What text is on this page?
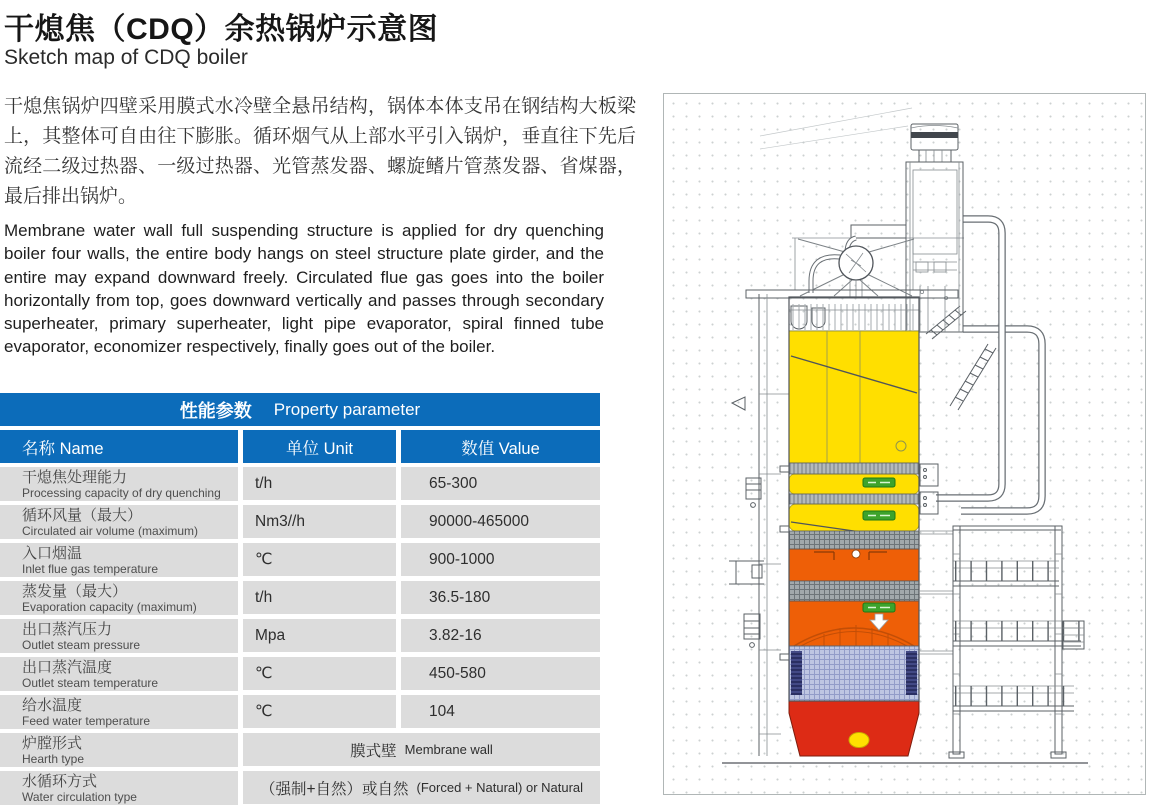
干熄焦（CDQ）余热锅炉示意图
Sketch map of CDQ boiler
干熄焦锅炉四壁采用膜式水冷壁全悬吊结构，锅体本体支吊在钢结构大板梁上，其整体可自由往下膨胀。循环烟气从上部水平引入锅炉，垂直往下先后流经二级过热器、一级过热器、光管蒸发器、螺旋鳍片管蒸发器、省煤器，最后排出锅炉。
Membrane water wall full suspending structure is applied for dry quenching boiler four walls, the entire body hangs on steel structure plate girder, and the entire may expand downward freely. Circulated flue gas goes into the boiler horizontally from top, goes downward vertically and passes through secondary superheater, primary superheater, light pipe evaporator, spiral finned tube evaporator, economizer respectively, finally goes out of the boiler.
性能参数 Property parameter
名称 Name	单位 Unit	数值 Value
干熄焦处理能力
Processing capacity of dry quenching
t/h	65-300
循环风量（最大）
Circulated air volume (maximum)
Nm3//h	90000-465000
入口烟温
Inlet flue gas temperature
℃	900-1000
蒸发量（最大）
Evaporation capacity (maximum)
t/h	36.5-180
出口蒸汽压力
Outlet steam pressure
Mpa	3.82-16
出口蒸汽温度
Outlet steam temperature
℃	450-580
给水温度
Feed water temperature
℃	104
炉膛形式
Hearth type	膜式壁 Membrane wall
水循环方式
Water circulation type	（强制+自然）或自然 (Forced + Natural) or Natural
